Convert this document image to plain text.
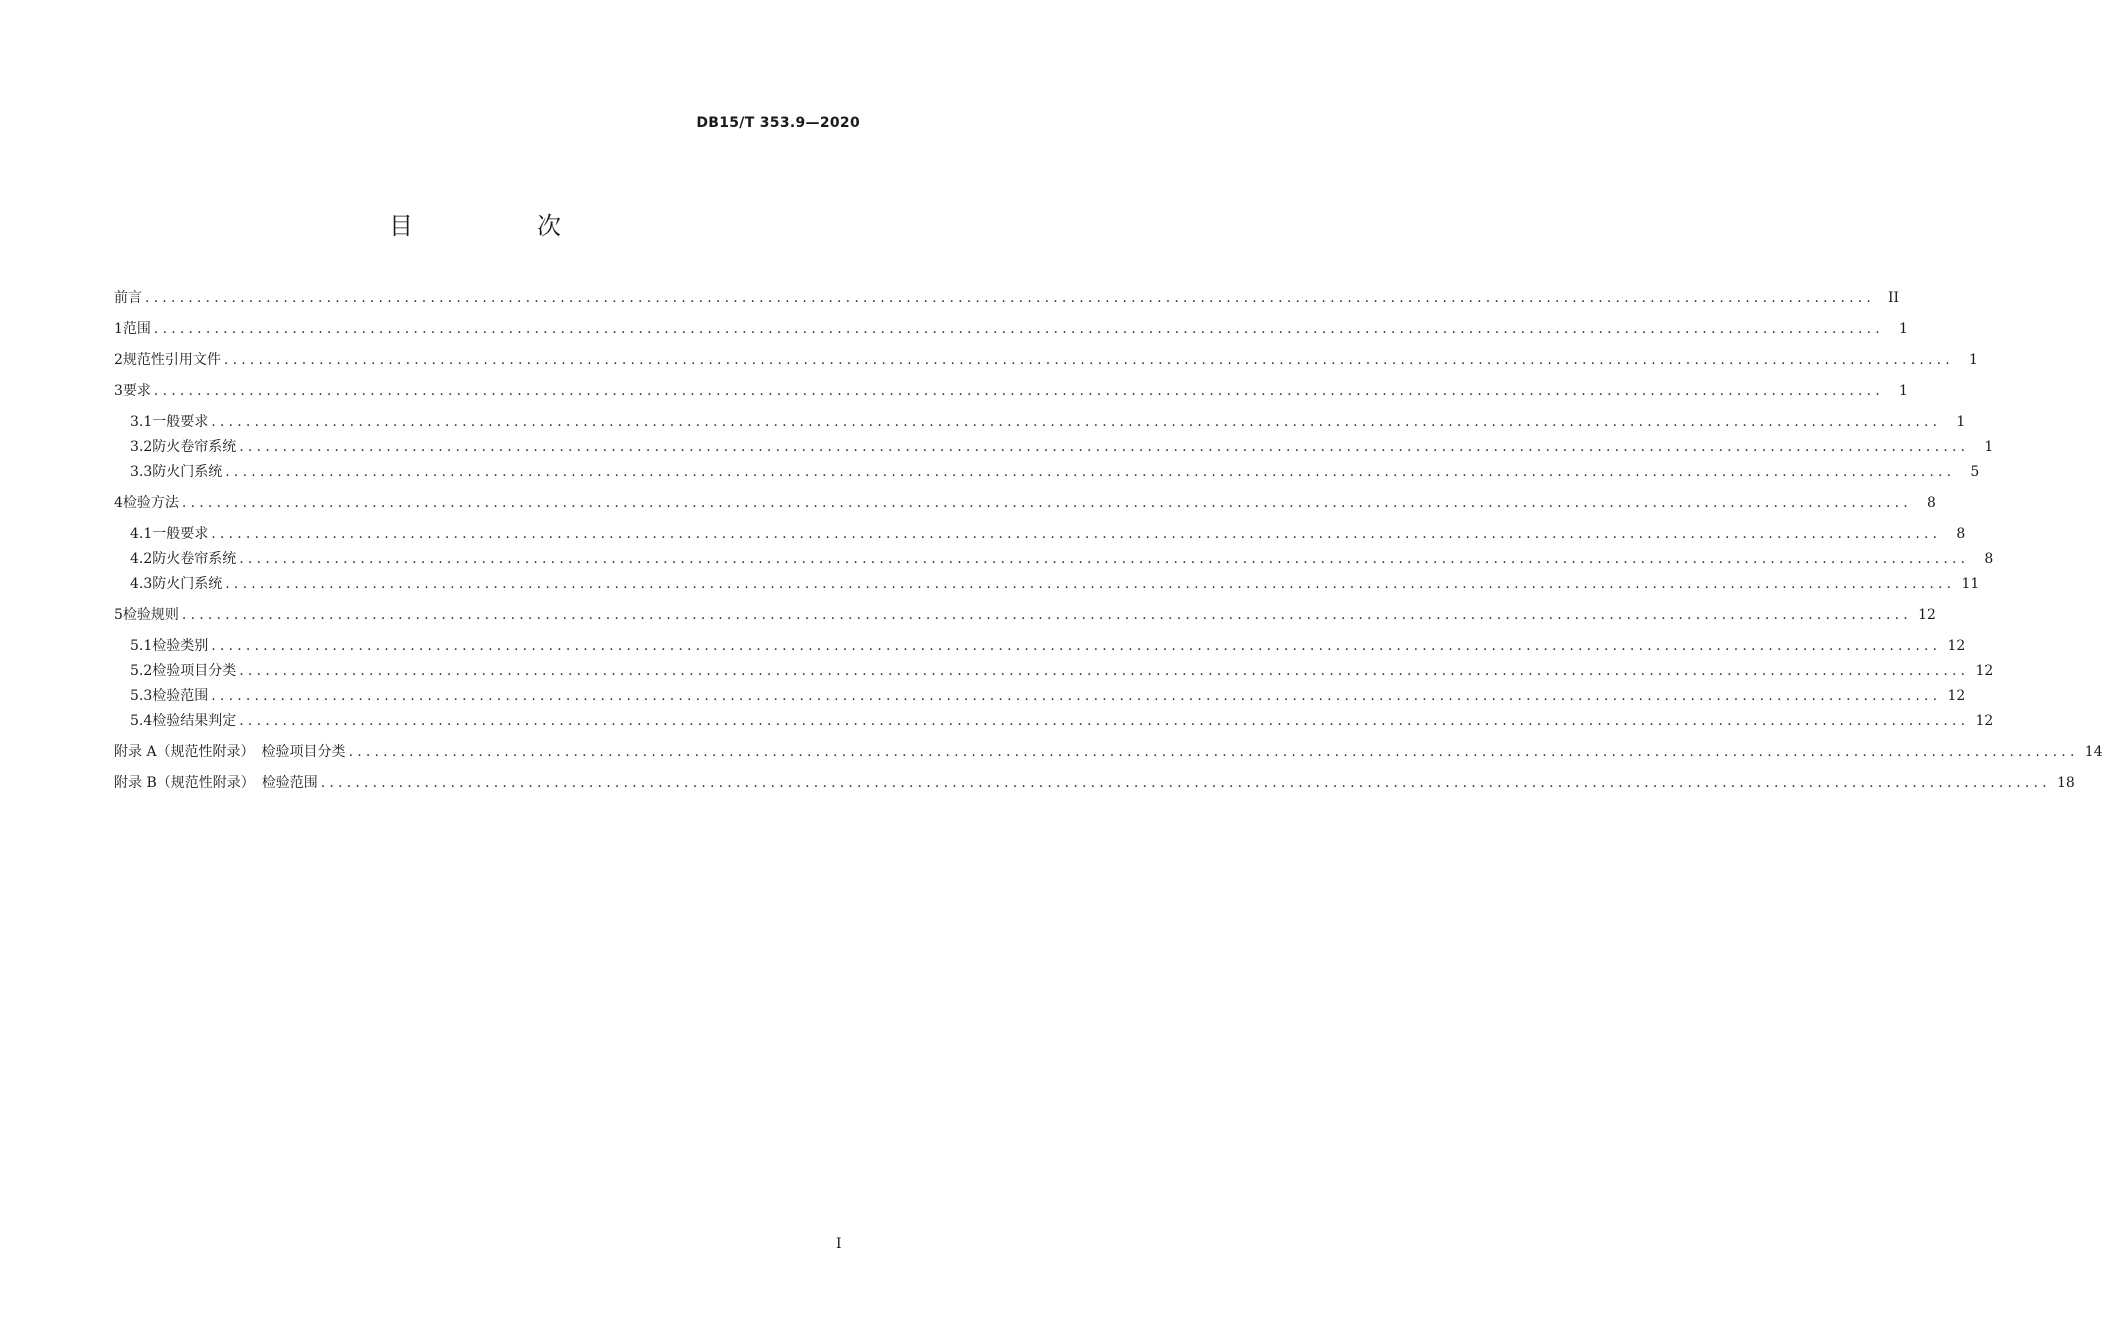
DB15/T 353.9—2020
目　次
前言 ........................................................................................................................................................................................................ II
1 范围 ........................................................................................................................................................................................................	1
2 规范性引用文件 ........................................................................................................................................................................................................	1
3 要求 ........................................................................................................................................................................................................	1
3.1 一般要求 ........................................................................................................................................................................................................	1
3.2 防火卷帘系统 ........................................................................................................................................................................................................	1
3.3 防火门系统 ........................................................................................................................................................................................................	5
4 检验方法 ........................................................................................................................................................................................................	8
4.1 一般要求 ........................................................................................................................................................................................................	8
4.2 防火卷帘系统 ........................................................................................................................................................................................................	8
4.3 防火门系统 ........................................................................................................................................................................................................ 11
5 检验规则 ........................................................................................................................................................................................................ 12
5.1 检验类别 ........................................................................................................................................................................................................ 12
5.2 检验项目分类 ........................................................................................................................................................................................................ 12
5.3 检验范围 ........................................................................................................................................................................................................ 12
5.4 检验结果判定 ........................................................................................................................................................................................................ 12
附录 A（规范性附录）　检验项目分类 ........................................................................................................................................................................................................ 14
附录 B（规范性附录）　检验范围 ........................................................................................................................................................................................................ 18
I
